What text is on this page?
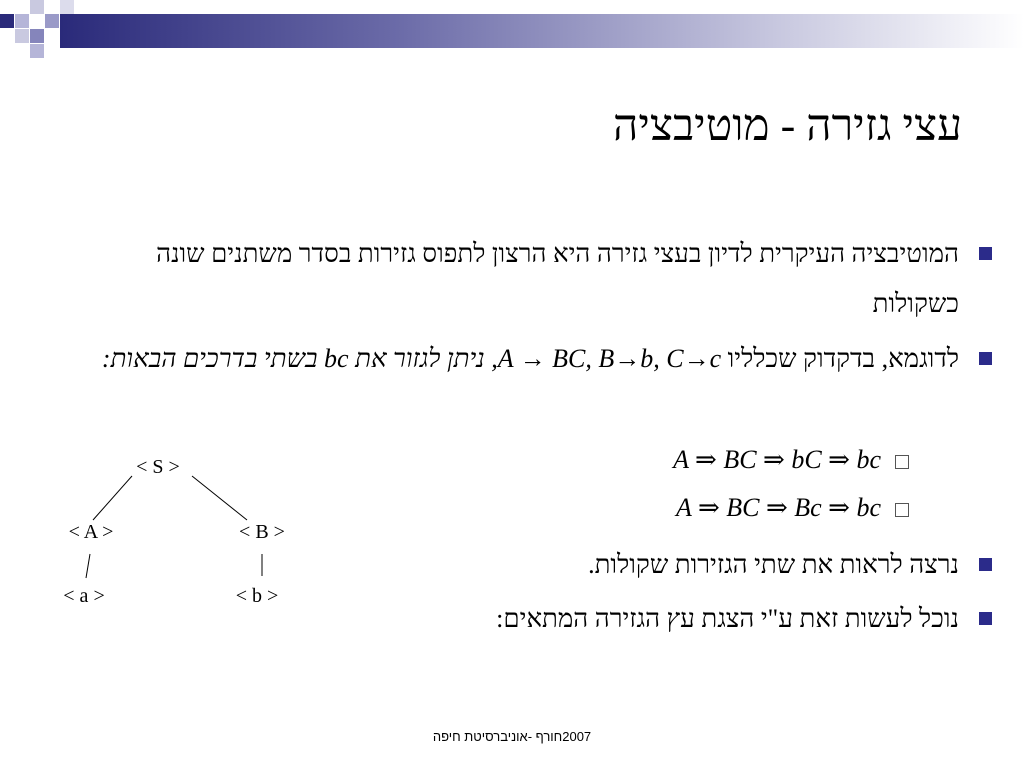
עצי גזירה - מוטיבציה
המוטיבציה העיקרית לדיון בעצי גזירה היא הרצון לתפוס גזירות בסדר משתנים שונה כשקולות
לדוגמא, בדקדוק שכלליו A → BC, B→b, C→c, ניתן לגזור את bc בשתי בדרכים הבאות:
A ⇒ BC ⇒ bC ⇒ bc
A ⇒ BC ⇒ Bc ⇒ bc
נרצה לראות את שתי הגזירות שקולות.
נוכל לעשות זאת ע"י הצגת עץ הגזירה המתאים:
< S >
< A >	< B >
< a >	< b >
2007חורף -אוניברסיטת חיפה
